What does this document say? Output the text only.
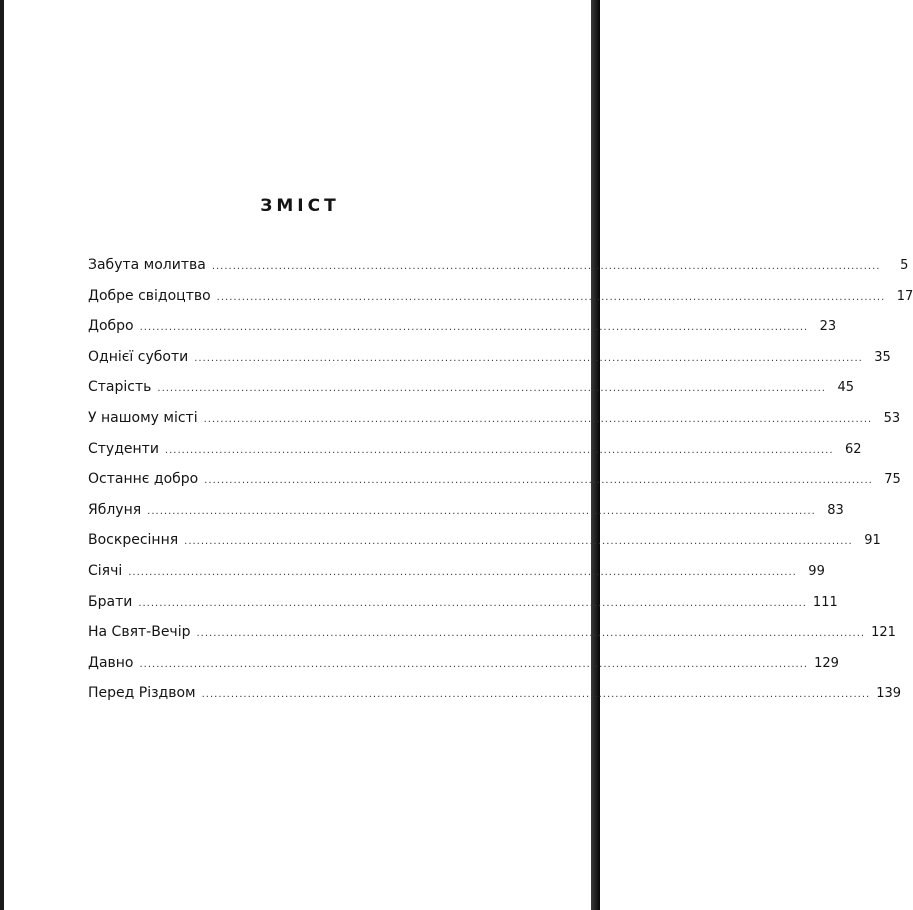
ЗМІСТ
Забута молитва ................................................................................................................................................................	5
Добре свідоцтво ................................................................................................................................................................ 17
Добро ................................................................................................................................................................ 23
Однієї суботи ................................................................................................................................................................ 35
Старість ................................................................................................................................................................ 45
У нашому місті ................................................................................................................................................................ 53
Студенти ................................................................................................................................................................ 62
Останнє добро ................................................................................................................................................................ 75
Яблуня ................................................................................................................................................................ 83
Воскресіння ................................................................................................................................................................ 91
Сіячі ................................................................................................................................................................ 99
Брати ................................................................................................................................................................ 111
На Свят-Вечір ................................................................................................................................................................ 121
Давно ................................................................................................................................................................ 129
Перед Різдвом ................................................................................................................................................................ 139
